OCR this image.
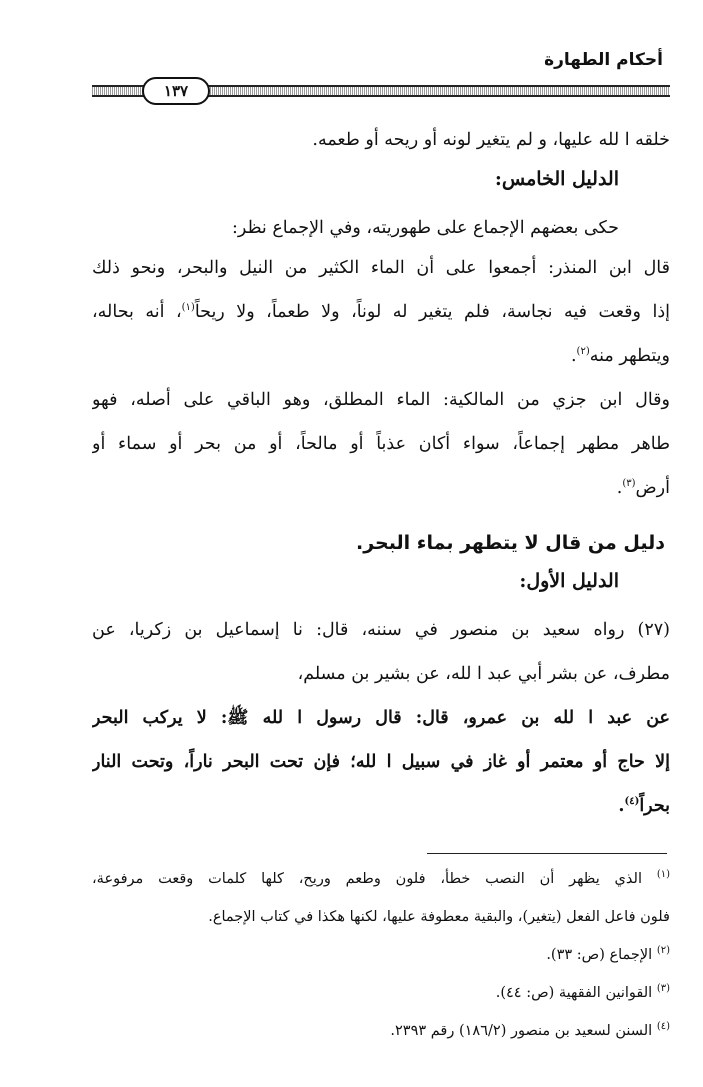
أحكام الطهارة
١٣٧
خلقه ا لله عليها، و لم يتغير لونه أو ريحه أو طعمه.
الدليل الخامس:
حكى بعضهم الإجماع على طهوريته، وفي الإجماع نظر:
قال ابن المنذر: أجمعوا على أن الماء الكثير من النيل والبحر، ونحو ذلك
إذا وقعت فيه نجاسة، فلم يتغير له لوناً، ولا طعماً، ولا ريحاً$^{(١)}$، أنه بحاله،
ويتطهر منه$^{(٢)}$.
وقال ابن جزي من المالكية: الماء المطلق، وهو الباقي على أصله، فهو
طاهر مطهر إجماعاً، سواء أكان عذباً أو مالحاً، أو من بحر أو سماء أو
أرض$^{(٣)}$.
دليل من قال لا يتطهر بماء البحر.
الدليل الأول:
(٢٧) رواه سعيد بن منصور في سننه، قال: نا إسماعيل بن زكريا، عن
مطرف، عن بشر أبي عبد ا لله، عن بشير بن مسلم،
عن عبد ا لله بن عمرو، قال: قال رسول ا لله ﷺ: لا يركب البحر
إلا حاج أو معتمر أو غاز في سبيل ا لله؛ فإن تحت البحر ناراً، وتحت النار
بحراً$^{(٤)}$.
$^{(١)}$ الذي يظهر أن النصب خطأ، فلون وطعم وريح، كلها كلمات وقعت مرفوعة،
فلون فاعل الفعل (يتغير)، والبقية معطوفة عليها، لكنها هكذا في كتاب الإجماع.
$^{(٢)}$ الإجماع (ص: ٣٣).
$^{(٣)}$ القوانين الفقهية (ص: ٤٤).
$^{(٤)}$ السنن لسعيد بن منصور (١٨٦/٢) رقم ٢٣٩٣.
